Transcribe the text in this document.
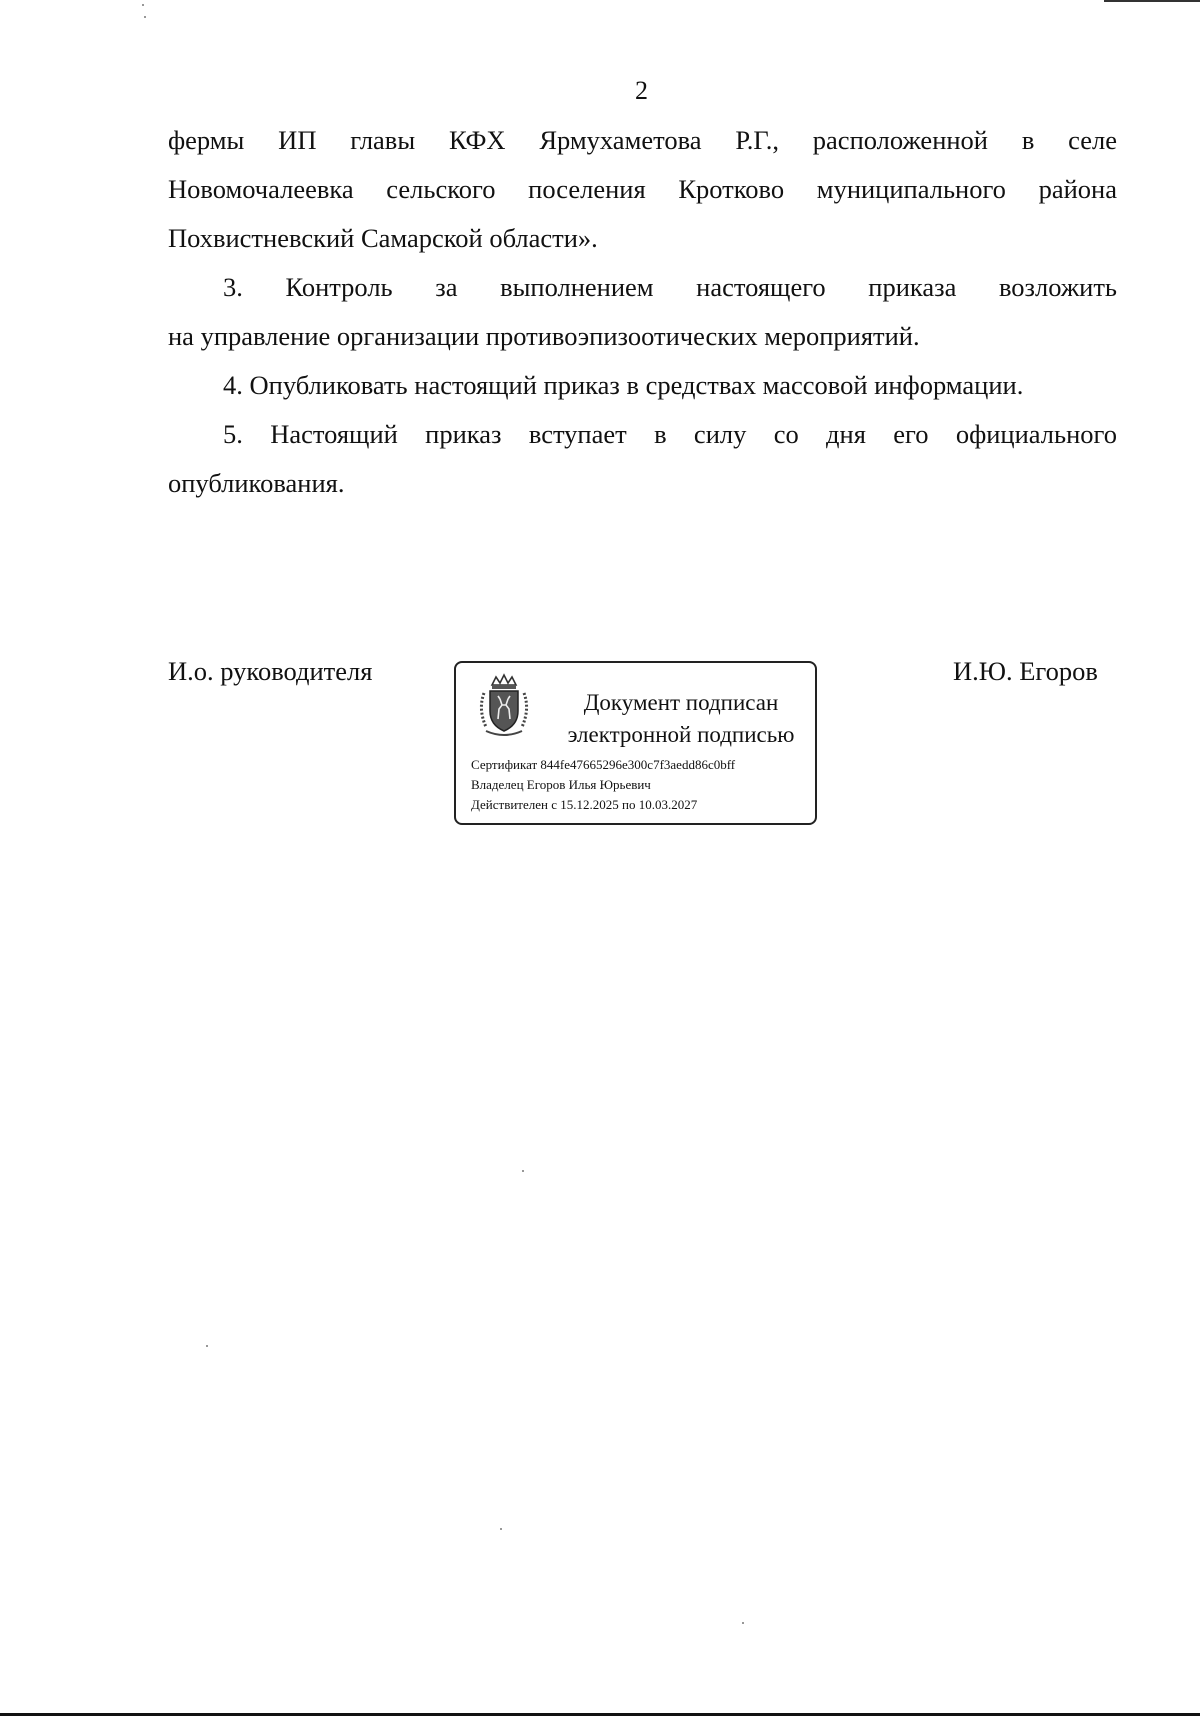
2

фермы ИП главы КФХ Ярмухаметова Р.Г., расположенной в селе
Новомочалеевка сельского поселения Кротково муниципального района
Похвистневский Самарской области».

3. Контроль за выполнением настоящего приказа возложить
на управление организации противоэпизоотических мероприятий.

4. Опубликовать настоящий приказ в средствах массовой информации.

5. Настоящий приказ вступает в силу со дня его официального
опубликования.

И.о. руководителя
Документ подписан
электронной подписью
Сертификат 844fe47665296e300c7f3aedd86c0bff
Владелец Егоров Илья Юрьевич
Действителен с 15.12.2025 по 10.03.2027
И.Ю. Егоров
